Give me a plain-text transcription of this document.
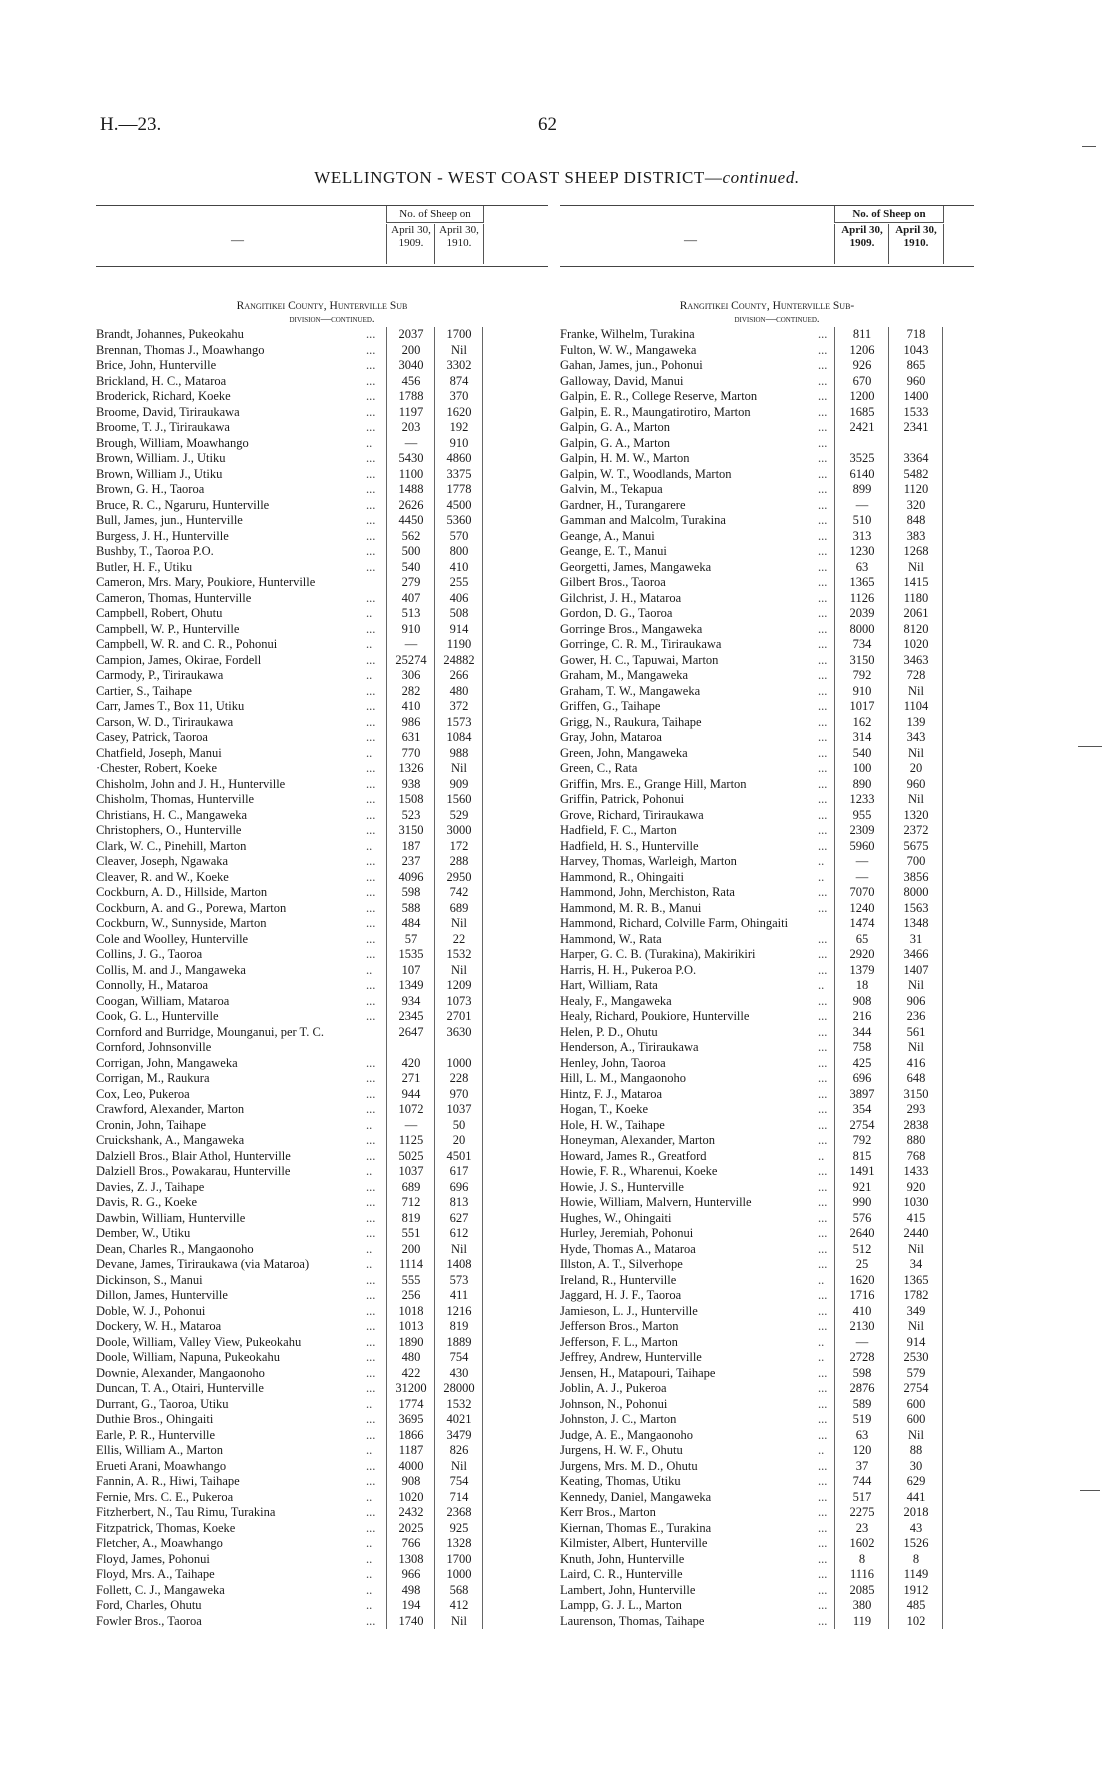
H.—23.	62
WELLINGTON - WEST COAST SHEEP DISTRICT—continued.
—
No. of Sheep on
April 30, 1909.
April 30, 1910.
Rangitikei County, Hunterville Sub
division—continued.
Brandt, Johannes, Pukeokahu	...	2037	1700
Brennan, Thomas J., Moawhango	...	200	Nil
Brice, John, Hunterville	...	3040	3302
Brickland, H. C., Mataroa	...	456	874
Broderick, Richard, Koeke	...	1788	370
Broome, David, Tiriraukawa	...	1197	1620
Broome, T. J., Tiriraukawa	...	203	192
Brough, William, Moawhango	..	—	910
Brown, William. J., Utiku	...	5430	4860
Brown, William J., Utiku	...	1100	3375
Brown, G. H., Taoroa	...	1488	1778
Bruce, R. C., Ngaruru, Hunterville	...	2626	4500
Bull, James, jun., Hunterville	...	4450	5360
Burgess, J. H., Hunterville	...	562	570
Bushby, T., Taoroa P.O.	...	500	800
Butler, H. F., Utiku	...	540	410
Cameron, Mrs. Mary, Poukiore, Hunterville	279	255
Cameron, Thomas, Hunterville	...	407	406
Campbell, Robert, Ohutu	..	513	508
Campbell, W. P., Hunterville	...	910	914
Campbell, W. R. and C. R., Pohonui	..	—	1190
Campion, James, Okirae, Fordell	...	25274	24882
Carmody, P., Tiriraukawa	..	306	266
Cartier, S., Taihape	...	282	480
Carr, James T., Box 11, Utiku	...	410	372
Carson, W. D., Tiriraukawa	...	986	1573
Casey, Patrick, Taoroa	...	631	1084
Chatfield, Joseph, Manui	..	770	988
·Chester, Robert, Koeke	...	1326	Nil
Chisholm, John and J. H., Hunterville	...	938	909
Chisholm, Thomas, Hunterville	...	1508	1560
Christians, H. C., Mangaweka	...	523	529
Christophers, O., Hunterville	...	3150	3000
Clark, W. C., Pinehill, Marton	..	187	172
Cleaver, Joseph, Ngawaka	...	237	288
Cleaver, R. and W., Koeke	...	4096	2950
Cockburn, A. D., Hillside, Marton	...	598	742
Cockburn, A. and G., Porewa, Marton	...	588	689
Cockburn, W., Sunnyside, Marton	...	484	Nil
Cole and Woolley, Hunterville	...	57	22
Collins, J. G., Taoroa	...	1535	1532
Collis, M. and J., Mangaweka	..	107	Nil
Connolly, H., Mataroa	...	1349	1209
Coogan, William, Mataroa	...	934	1073
Cook, G. L., Hunterville	...	2345	2701
Cornford and Burridge, Mounganui, per T. C.	2647	3630
Cornford, Johnsonville
Corrigan, John, Mangaweka	...	420	1000
Corrigan, M., Raukura	...	271	228
Cox, Leo, Pukeroa	...	944	970
Crawford, Alexander, Marton	...	1072	1037
Cronin, John, Taihape	..	—	50
Cruickshank, A., Mangaweka	...	1125	20
Dalziell Bros., Blair Athol, Hunterville	...	5025	4501
Dalziell Bros., Powakarau, Hunterville	..	1037	617
Davies, Z. J., Taihape	...	689	696
Davis, R. G., Koeke	...	712	813
Dawbin, William, Hunterville	...	819	627
Dember, W., Utiku	...	551	612
Dean, Charles R., Mangaonoho	..	200	Nil
Devane, James, Tiriraukawa (via Mataroa)	..	1114	1408
Dickinson, S., Manui	...	555	573
Dillon, James, Hunterville	...	256	411
Doble, W. J., Pohonui	...	1018	1216
Dockery, W. H., Mataroa	...	1013	819
Doole, William, Valley View, Pukeokahu	...	1890	1889
Doole, William, Napuna, Pukeokahu	...	480	754
Downie, Alexander, Mangaonoho	...	422	430
Duncan, T. A., Otairi, Hunterville	...	31200	28000
Durrant, G., Taoroa, Utiku	..	1774	1532
Duthie Bros., Ohingaiti	...	3695	4021
Earle, P. R., Hunterville	...	1866	3479
Ellis, William A., Marton	..	1187	826
Erueti Arani, Moawhango	...	4000	Nil
Fannin, A. R., Hiwi, Taihape	...	908	754
Fernie, Mrs. C. E., Pukeroa	..	1020	714
Fitzherbert, N., Tau Rimu, Turakina	...	2432	2368
Fitzpatrick, Thomas, Koeke	...	2025	925
Fletcher, A., Moawhango	..	766	1328
Floyd, James, Pohonui	..	1308	1700
Floyd, Mrs. A., Taihape	..	966	1000
Follett, C. J., Mangaweka	..	498	568
Ford, Charles, Ohutu	..	194	412
Fowler Bros., Taoroa	...	1740	Nil
—
No. of Sheep on
April 30, 1909.
April 30, 1910.
Rangitikei County, Hunterville Sub-
division—continued.
Franke, Wilhelm, Turakina	...	811	718
Fulton, W. W., Mangaweka	...	1206	1043
Gahan, James, jun., Pohonui	...	926	865
Galloway, David, Manui	...	670	960
Galpin, E. R., College Reserve, Marton	...	1200	1400
Galpin, E. R., Maungatirotiro, Marton	...	1685	1533
Galpin, G. A., Marton	...	2421	2341
Galpin, G. A., Marton	...
Galpin, H. M. W., Marton	...	3525	3364
Galpin, W. T., Woodlands, Marton	...	6140	5482
Galvin, M., Tekapua	...	899	1120
Gardner, H., Turangarere	...	—	320
Gamman and Malcolm, Turakina	...	510	848
Geange, A., Manui	...	313	383
Geange, E. T., Manui	...	1230	1268
Georgetti, James, Mangaweka	...	63	Nil
Gilbert Bros., Taoroa	...	1365	1415
Gilchrist, J. H., Mataroa	...	1126	1180
Gordon, D. G., Taoroa	...	2039	2061
Gorringe Bros., Mangaweka	...	8000	8120
Gorringe, C. R. M., Tiriraukawa	...	734	1020
Gower, H. C., Tapuwai, Marton	...	3150	3463
Graham, M., Mangaweka	...	792	728
Graham, T. W., Mangaweka	...	910	Nil
Griffen, G., Taihape	...	1017	1104
Grigg, N., Raukura, Taihape	...	162	139
Gray, John, Mataroa	...	314	343
Green, John, Mangaweka	...	540	Nil
Green, C., Rata	...	100	20
Griffin, Mrs. E., Grange Hill, Marton	...	890	960
Griffin, Patrick, Pohonui	...	1233	Nil
Grove, Richard, Tiriraukawa	...	955	1320
Hadfield, F. C., Marton	...	2309	2372
Hadfield, H. S., Hunterville	...	5960	5675
Harvey, Thomas, Warleigh, Marton	..	—	700
Hammond, R., Ohingaiti	..	—	3856
Hammond, John, Merchiston, Rata	...	7070	8000
Hammond, M. R. B., Manui	...	1240	1563
Hammond, Richard, Colville Farm, Ohingaiti	1474	1348
Hammond, W., Rata	...	65	31
Harper, G. C. B. (Turakina), Makirikiri	...	2920	3466
Harris, H. H., Pukeroa P.O.	...	1379	1407
Hart, William, Rata	..	18	Nil
Healy, F., Mangaweka	...	908	906
Healy, Richard, Poukiore, Hunterville	...	216	236
Helen, P. D., Ohutu	...	344	561
Henderson, A., Tiriraukawa	...	758	Nil
Henley, John, Taoroa	...	425	416
Hill, L. M., Mangaonoho	...	696	648
Hintz, F. J., Mataroa	...	3897	3150
Hogan, T., Koeke	...	354	293
Hole, H. W., Taihape	...	2754	2838
Honeyman, Alexander, Marton	...	792	880
Howard, James R., Greatford	..	815	768
Howie, F. R., Wharenui, Koeke	...	1491	1433
Howie, J. S., Hunterville	...	921	920
Howie, William, Malvern, Hunterville	...	990	1030
Hughes, W., Ohingaiti	...	576	415
Hurley, Jeremiah, Pohonui	...	2640	2440
Hyde, Thomas A., Mataroa	...	512	Nil
Illston, A. T., Silverhope	...	25	34
Ireland, R., Hunterville	..	1620	1365
Jaggard, H. J. F., Taoroa	...	1716	1782
Jamieson, L. J., Hunterville	...	410	349
Jefferson Bros., Marton	...	2130	Nil
Jefferson, F. L., Marton	..	—	914
Jeffrey, Andrew, Hunterville	..	2728	2530
Jensen, H., Matapouri, Taihape	...	598	579
Joblin, A. J., Pukeroa	...	2876	2754
Johnson, N., Pohonui	...	589	600
Johnston, J. C., Marton	...	519	600
Judge, A. E., Mangaonoho	...	63	Nil
Jurgens, H. W. F., Ohutu	..	120	88
Jurgens, Mrs. M. D., Ohutu	...	37	30
Keating, Thomas, Utiku	...	744	629
Kennedy, Daniel, Mangaweka	...	517	441
Kerr Bros., Marton	...	2275	2018
Kiernan, Thomas E., Turakina	...	23	43
Kilmister, Albert, Hunterville	...	1602	1526
Knuth, John, Hunterville	...	8	8
Laird, C. R., Hunterville	...	1116	1149
Lambert, John, Hunterville	...	2085	1912
Lampp, G. J. L., Marton	...	380	485
Laurenson, Thomas, Taihape	...	119	102
